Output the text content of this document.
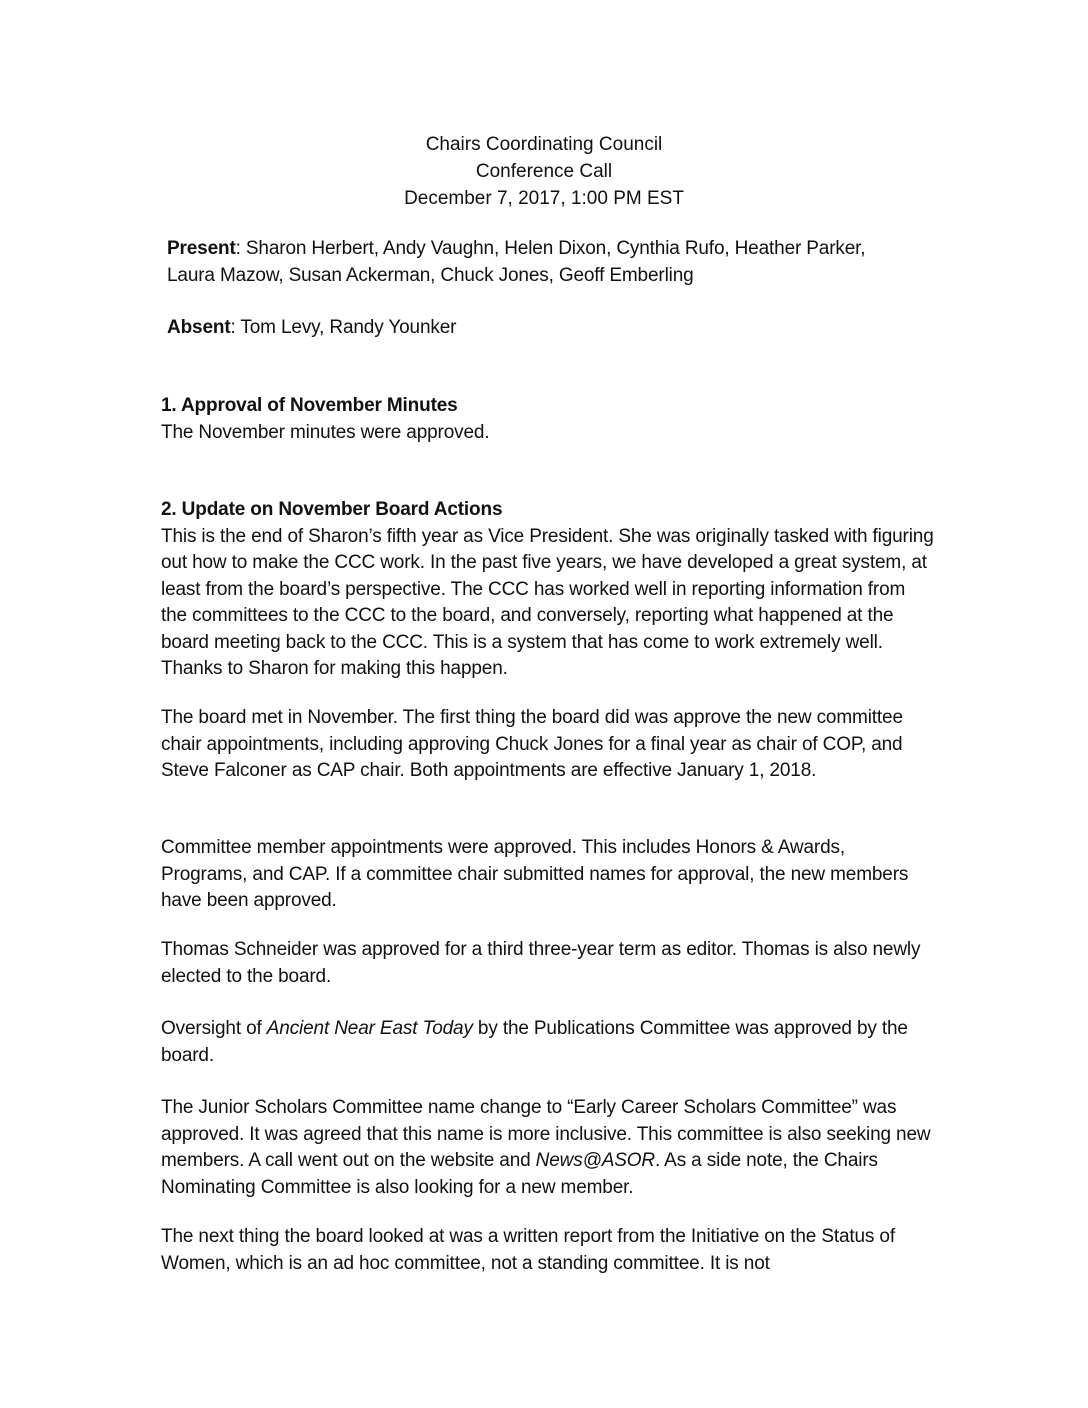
Chairs Coordinating Council
Conference Call
December 7, 2017, 1:00 PM EST

Present: Sharon Herbert, Andy Vaughn, Helen Dixon, Cynthia Rufo, Heather Parker, Laura Mazow, Susan Ackerman, Chuck Jones, Geoff Emberling

Absent: Tom Levy, Randy Younker

1. Approval of November Minutes

The November minutes were approved.

2. Update on November Board Actions

This is the end of Sharon’s fifth year as Vice President. She was originally tasked with figuring out how to make the CCC work. In the past five years, we have developed a great system, at least from the board’s perspective. The CCC has worked well in reporting information from the committees to the CCC to the board, and conversely, reporting what happened at the board meeting back to the CCC. This is a system that has come to work extremely well. Thanks to Sharon for making this happen.

The board met in November. The first thing the board did was approve the new committee chair appointments, including approving Chuck Jones for a final year as chair of COP, and Steve Falconer as CAP chair. Both appointments are effective January 1, 2018.

Committee member appointments were approved. This includes Honors & Awards, Programs, and CAP. If a committee chair submitted names for approval, the new members have been approved.

Thomas Schneider was approved for a third three-year term as editor. Thomas is also newly elected to the board.

Oversight of Ancient Near East Today by the Publications Committee was approved by the board.

The Junior Scholars Committee name change to “Early Career Scholars Committee” was approved. It was agreed that this name is more inclusive. This committee is also seeking new members. A call went out on the website and News@ASOR. As a side note, the Chairs Nominating Committee is also looking for a new member.

The next thing the board looked at was a written report from the Initiative on the Status of Women, which is an ad hoc committee, not a standing committee. It is not
